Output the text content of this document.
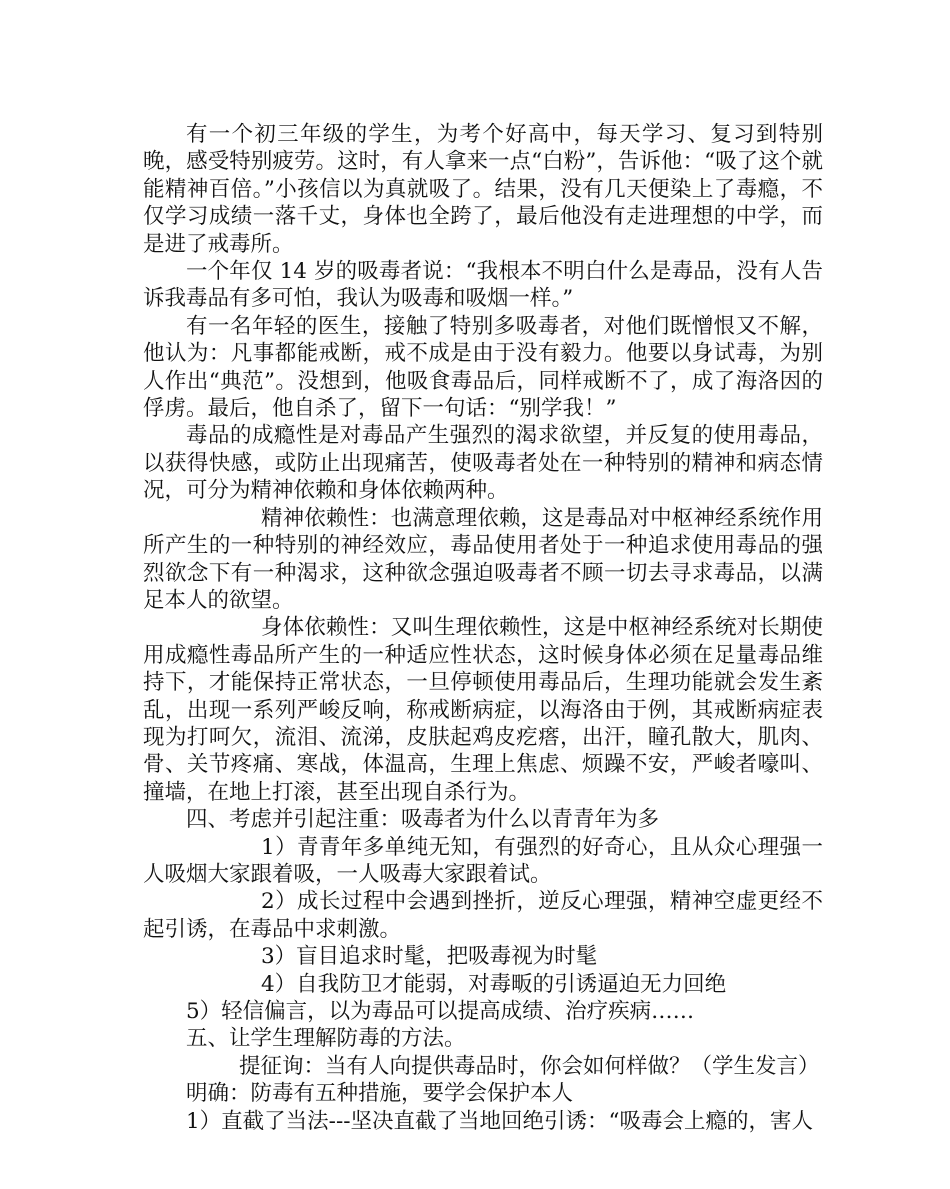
有一个初三年级的学生，为考个好高中，每天学习、复习到特别晚，感受特别疲劳。这时，有人拿来一点“白粉”，告诉他：“吸了这个就能精神百倍。”小孩信以为真就吸了。结果，没有几天便染上了毒瘾，不仅学习成绩一落千丈，身体也全跨了，最后他没有走进理想的中学，而是进了戒毒所。

一个年仅 14 岁的吸毒者说：“我根本不明白什么是毒品，没有人告诉我毒品有多可怕，我认为吸毒和吸烟一样。”

有一名年轻的医生，接触了特别多吸毒者，对他们既憎恨又不解，他认为：凡事都能戒断，戒不成是由于没有毅力。他要以身试毒，为别人作出“典范”。没想到，他吸食毒品后，同样戒断不了，成了海洛因的俘虏。最后，他自杀了，留下一句话：“别学我！”

毒品的成瘾性是对毒品产生强烈的渴求欲望，并反复的使用毒品，以获得快感，或防止出现痛苦，使吸毒者处在一种特别的精神和病态情况，可分为精神依赖和身体依赖两种。

精神依赖性：也满意理依赖，这是毒品对中枢神经系统作用所产生的一种特别的神经效应，毒品使用者处于一种追求使用毒品的强烈欲念下有一种渴求，这种欲念强迫吸毒者不顾一切去寻求毒品，以满足本人的欲望。

身体依赖性：又叫生理依赖性，这是中枢神经系统对长期使用成瘾性毒品所产生的一种适应性状态，这时候身体必须在足量毒品维持下，才能保持正常状态，一旦停顿使用毒品后，生理功能就会发生紊乱，出现一系列严峻反响，称戒断病症，以海洛由于例，其戒断病症表现为打呵欠，流泪、流涕，皮肤起鸡皮疙瘩，出汗，瞳孔散大，肌肉、骨、关节疼痛、寒战，体温高，生理上焦虑、烦躁不安，严峻者嚎叫、撞墙，在地上打滚，甚至出现自杀行为。

四、考虑并引起注重：吸毒者为什么以青青年为多

1）青青年多单纯无知，有强烈的好奇心，且从众心理强一人吸烟大家跟着吸，一人吸毒大家跟着试。

2）成长过程中会遇到挫折，逆反心理强，精神空虚更经不起引诱，在毒品中求刺激。

3）盲目追求时髦，把吸毒视为时髦

4）自我防卫才能弱，对毒畈的引诱逼迫无力回绝

5）轻信偏言，以为毒品可以提高成绩、治疗疾病……

五、让学生理解防毒的方法。

提征询：当有人向提供毒品时，你会如何样做？（学生发言）

明确：防毒有五种措施，要学会保护本人

1）直截了当法---坚决直截了当地回绝引诱：“吸毒会上瘾的，害人
